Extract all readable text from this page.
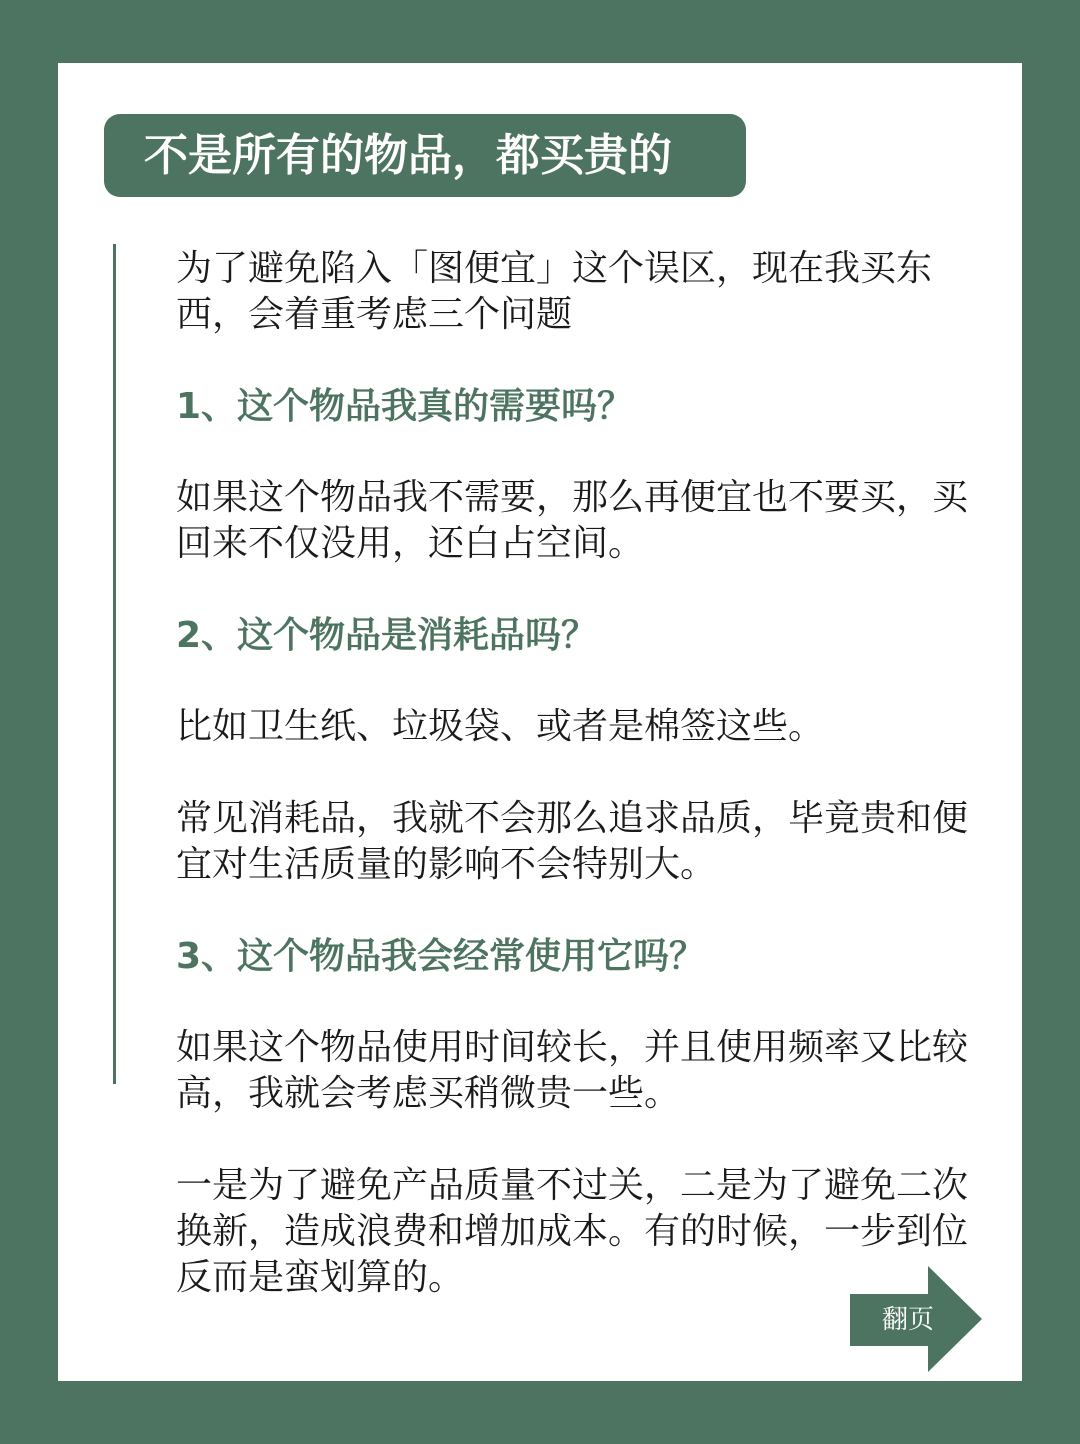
不是所有的物品，都买贵的

为了避免陷入「图便宜」这个误区，现在我买东西，会着重考虑三个问题

1、这个物品我真的需要吗？

如果这个物品我不需要，那么再便宜也不要买，买回来不仅没用，还白占空间。

2、这个物品是消耗品吗？

比如卫生纸、垃圾袋、或者是棉签这些。

常见消耗品，我就不会那么追求品质，毕竟贵和便宜对生活质量的影响不会特别大。

3、这个物品我会经常使用它吗？

如果这个物品使用时间较长，并且使用频率又比较高，我就会考虑买稍微贵一些。

一是为了避免产品质量不过关，二是为了避免二次换新，造成浪费和增加成本。有的时候，一步到位反而是蛮划算的。

翻页
